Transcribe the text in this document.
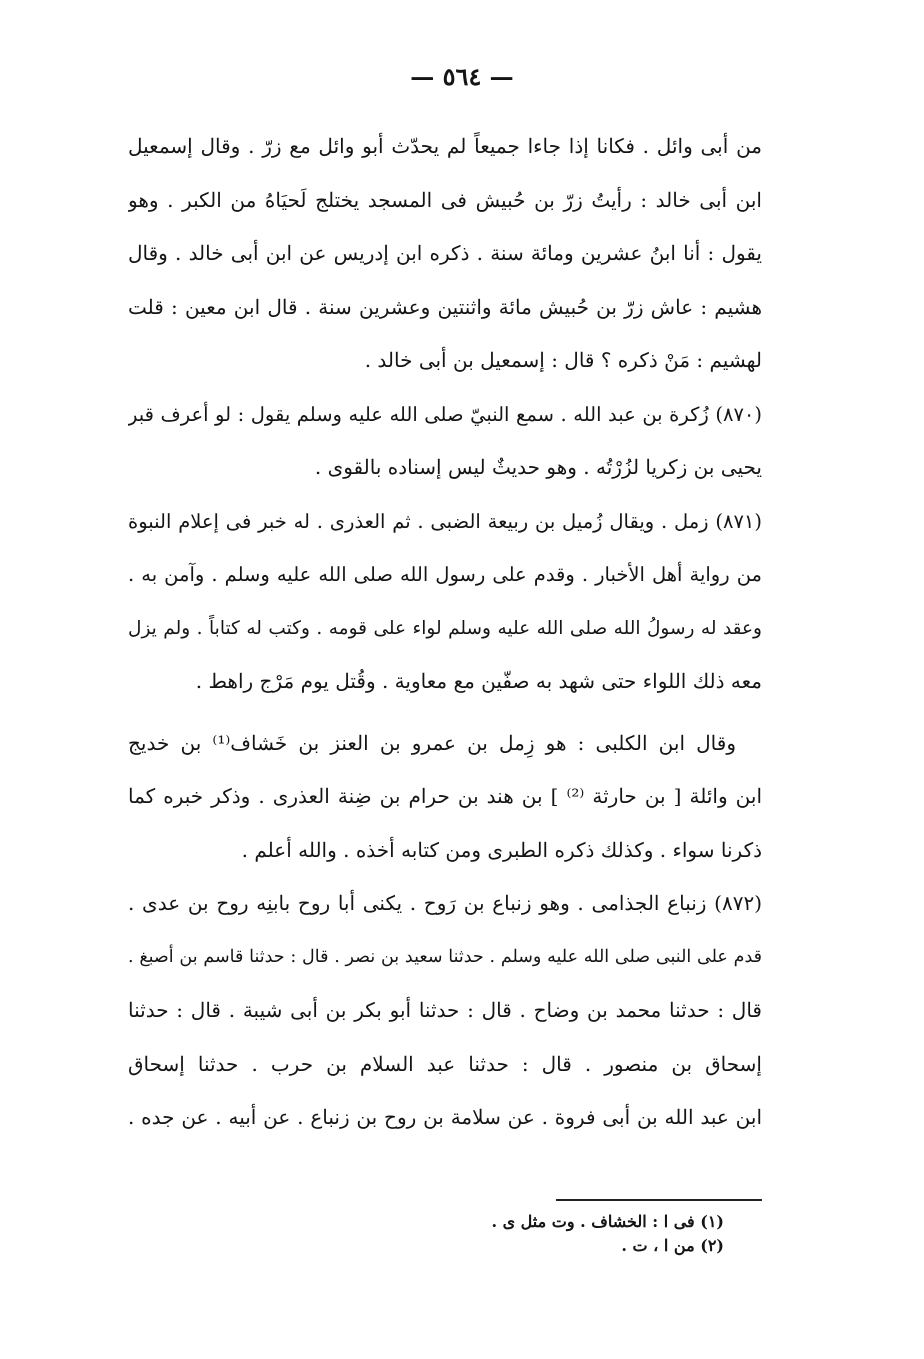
— ٥٦٤ —
من أبى وائل . فكانا إذا جاءا جميعاً لم يحدّث أبو وائل مع زرّ . وقال إسمعيل
ابن أبى خالد : رأيتُ زرّ بن حُبيش فى المسجد يختلج لَحيَاهُ من الكبر . وهو
يقول : أنا ابنُ عشرين ومائة سنة . ذكره ابن إدريس عن ابن أبى خالد . وقال
هشيم : عاش زرّ بن حُبيش مائة واثنتين وعشرين سنة . قال ابن معين : قلت
لهشيم : مَنْ ذكره ؟ قال : إسمعيل بن أبى خالد .
(٨٧٠) زُكرة بن عبد الله . سمع النبيّ صلى الله عليه وسلم يقول : لو أعرف قبر
يحيى بن زكريا لزُرْتُه . وهو حديثٌ ليس إسناده بالقوى .
(٨٧١) زمل . ويقال زُميل بن ربيعة الضبى . ثم العذرى . له خبر فى إعلام النبوة
من رواية أهل الأخبار . وقدم على رسول الله صلى الله عليه وسلم . وآمن به .
وعقد له رسولُ الله صلى الله عليه وسلم لواء على قومه . وكتب له كتاباً . ولم يزل
معه ذلك اللواء حتى شهد به صفّين مع معاوية . وقُتل يوم مَرْج راهط .
وقال ابن الكلبى : هو زِمل بن عمرو بن العنز بن خَشاف⁽¹⁾ بن خديج
ابن وائلة [ بن حارثة ⁽²⁾ ] بن هند بن حرام بن ضِنة العذرى . وذكر خبره كما
ذكرنا سواء . وكذلك ذكره الطبرى ومن كتابه أخذه . والله أعلم .
(٨٧٢) زنباع الجذامى . وهو زنباع بن رَوح . يكنى أبا روح بابنِه روح بن عدى .
قدم على النبى صلى الله عليه وسلم . حدثنا سعيد بن نصر . قال : حدثنا قاسم بن أصبغ .
قال : حدثنا محمد بن وضاح . قال : حدثنا أبو بكر بن أبى شيبة . قال : حدثنا
إسحاق بن منصور . قال : حدثنا عبد السلام بن حرب . حدثنا إسحاق
ابن عبد الله بن أبى فروة . عن سلامة بن روح بن زنباع . عن أبيه . عن جده .
(١) فى ا : الخشاف . وت مثل ى .
(٢) من ا ، ت .
